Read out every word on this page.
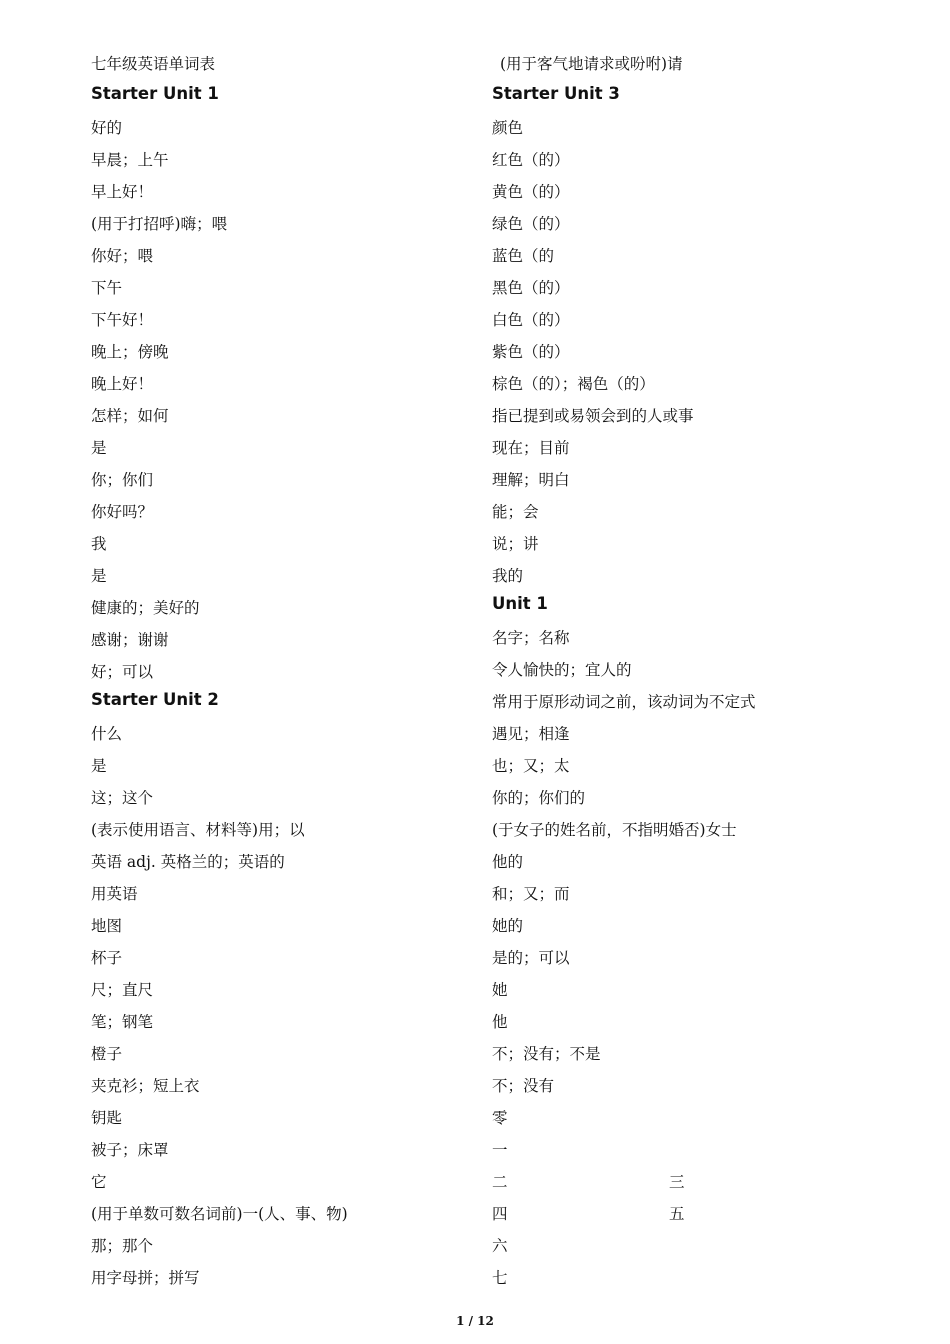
七年级英语单词表
Starter Unit 1
好的
早晨；上午
早上好！
(用于打招呼)嗨；喂
你好；喂
下午
下午好！
晚上；傍晚
晚上好！
怎样；如何
是
你；你们
你好吗？
我
是
健康的；美好的
感谢；谢谢
好；可以
Starter Unit 2
什么
是
这；这个
(表示使用语言、材料等)用；以
英语 adj. 英格兰的；英语的
用英语
地图
杯子
尺；直尺
笔；钢笔
橙子
夹克衫；短上衣
钥匙
被子；床罩
它
(用于单数可数名词前)一(人、事、物)
那；那个
用字母拼；拼写
(用于客气地请求或吩咐)请
Starter Unit 3
颜色
红色（的）
黄色（的）
绿色（的）
蓝色（的
黑色（的）
白色（的）
紫色（的）
棕色（的）；褐色（的）
指已提到或易领会到的人或事
现在；目前
理解；明白
能；会
说；讲
我的
Unit 1
名字；名称
令人愉快的；宜人的
常用于原形动词之前，该动词为不定式
遇见；相逢
也；又；太
你的；你们的
(于女子的姓名前，不指明婚否)女士
他的
和；又；而
她的
是的；可以
她
他
不；没有；不是
不；没有
零
一
二	三
四	五
六
七
1 / 12
